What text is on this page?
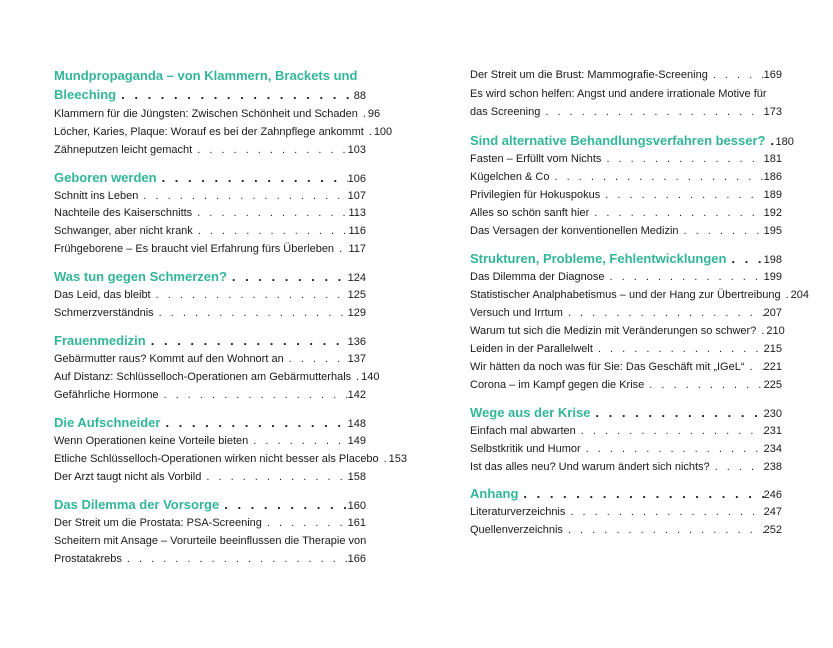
Mundpropaganda – von Klammern, Brackets und
Bleeching . . .	88
Klammern für die Jüngsten: Zwischen Schönheit und Schaden . . . 96
Löcher, Karies, Plaque: Worauf es bei der Zahnpflege ankommt . . . 100
Zähneputzen leicht gemacht . . .	103
Geboren werden . . .	106
Schnitt ins Leben . . .	107
Nachteile des Kaiserschnitts . . .	113
Schwanger, aber nicht krank . . .	116
Frühgeborene – Es braucht viel Erfahrung fürs Überleben . . . 117
Was tun gegen Schmerzen? . . .	124
Das Leid, das bleibt . . .	125
Schmerzverständnis . . .	129
Frauenmedizin . . .	136
Gebärmutter raus? Kommt auf den Wohnort an . . .	137
Auf Distanz: Schlüsselloch-Operationen am Gebärmutterhals . . . 140
Gefährliche Hormone . . .	142
Die Aufschneider . . .	148
Wenn Operationen keine Vorteile bieten . . .	149
Etliche Schlüsselloch-Operationen wirken nicht besser als Placebo . . . 153
Der Arzt taugt nicht als Vorbild . . .	158
Das Dilemma der Vorsorge . . .	160
Der Streit um die Prostata: PSA-Screening . . .	161
Scheitern mit Ansage – Vorurteile beeinflussen die Therapie von
Prostatakrebs . . .	166
Der Streit um die Brust: Mammografie-Screening . . .	169
Es wird schon helfen: Angst und andere irrationale Motive für
das Screening . . .	173
Sind alternative Behandlungsverfahren besser? . . . 180
Fasten – Erfüllt vom Nichts . . .	181
Kügelchen & Co . . .	186
Privilegien für Hokuspokus . . .	189
Alles so schön sanft hier . . .	192
Das Versagen der konventionellen Medizin . . .	195
Strukturen, Probleme, Fehlentwicklungen . . .	198
Das Dilemma der Diagnose . . .	199
Statistischer Analphabetismus – und der Hang zur Übertreibung . . . 204
Versuch und Irrtum . . .	207
Warum tut sich die Medizin mit Veränderungen so schwer? . . . 210
Leiden in der Parallelwelt . . .	215
Wir hätten da noch was für Sie: Das Geschäft mit „IGeL“ . . . 221
Corona – im Kampf gegen die Krise . . .	225
Wege aus der Krise . . .	230
Einfach mal abwarten . . .	231
Selbstkritik und Humor . . .	234
Ist das alles neu? Und warum ändert sich nichts? . . .	238
Anhang . . .	246
Literaturverzeichnis . . .	247
Quellenverzeichnis . . .	252
